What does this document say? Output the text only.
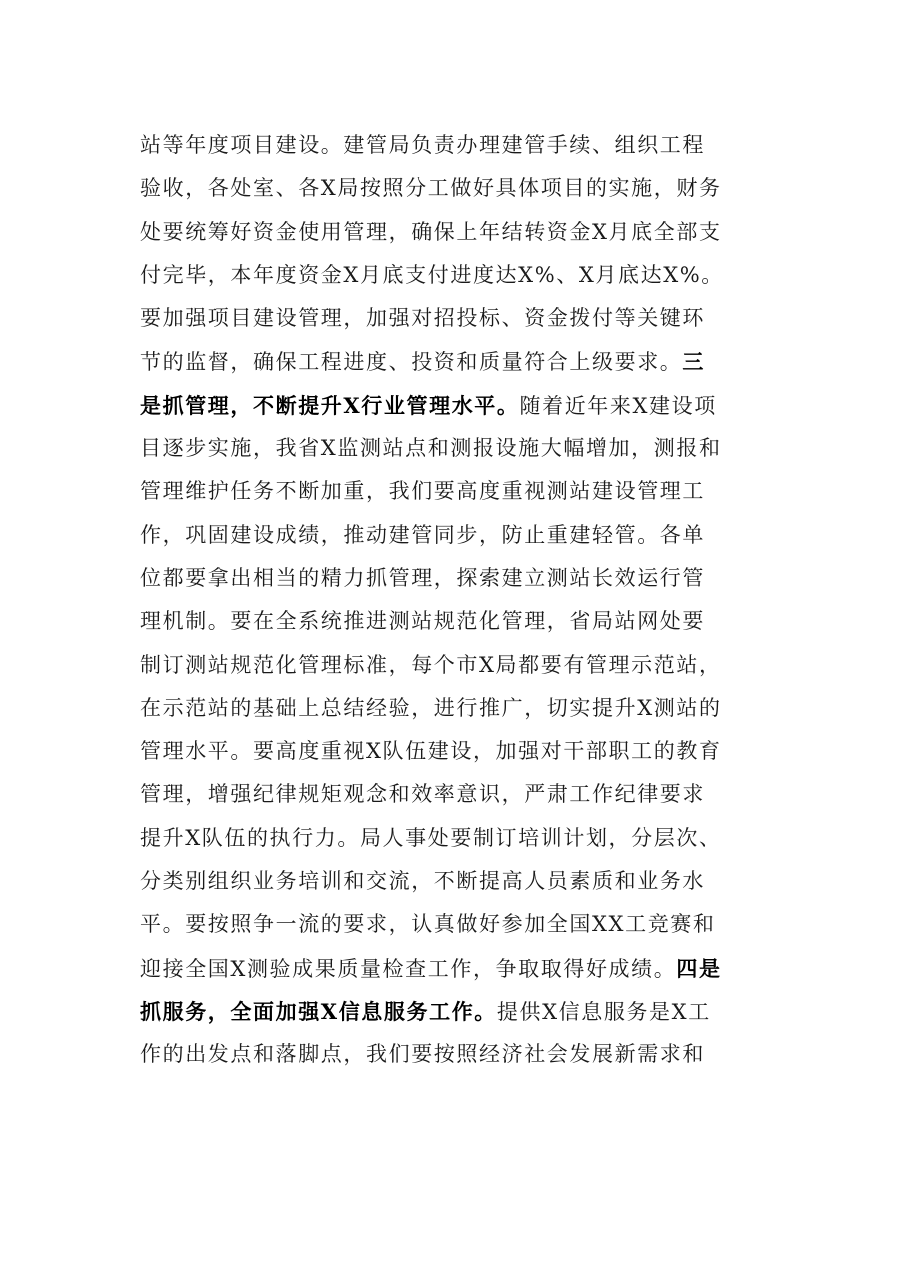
站等年度项目建设。建管局负责办理建管手续、组织工程
验收，各处室、各X局按照分工做好具体项目的实施，财务
处要统筹好资金使用管理，确保上年结转资金X月底全部支
付完毕，本年度资金X月底支付进度达X%、X月底达X%。
要加强项目建设管理，加强对招投标、资金拨付等关键环
节的监督，确保工程进度、投资和质量符合上级要求。三
是抓管理，不断提升X行业管理水平。随着近年来X建设项
目逐步实施，我省X监测站点和测报设施大幅增加，测报和
管理维护任务不断加重，我们要高度重视测站建设管理工
作，巩固建设成绩，推动建管同步，防止重建轻管。各单
位都要拿出相当的精力抓管理，探索建立测站长效运行管
理机制。要在全系统推进测站规范化管理，省局站网处要
制订测站规范化管理标准，每个市X局都要有管理示范站，
在示范站的基础上总结经验，进行推广，切实提升X测站的
管理水平。要高度重视X队伍建设，加强对干部职工的教育
管理，增强纪律规矩观念和效率意识，严肃工作纪律要求
提升X队伍的执行力。局人事处要制订培训计划，分层次、
分类别组织业务培训和交流，不断提高人员素质和业务水
平。要按照争一流的要求，认真做好参加全国XX工竞赛和
迎接全国X测验成果质量检查工作，争取取得好成绩。四是
抓服务，全面加强X信息服务工作。提供X信息服务是X工
作的出发点和落脚点，我们要按照经济社会发展新需求和
